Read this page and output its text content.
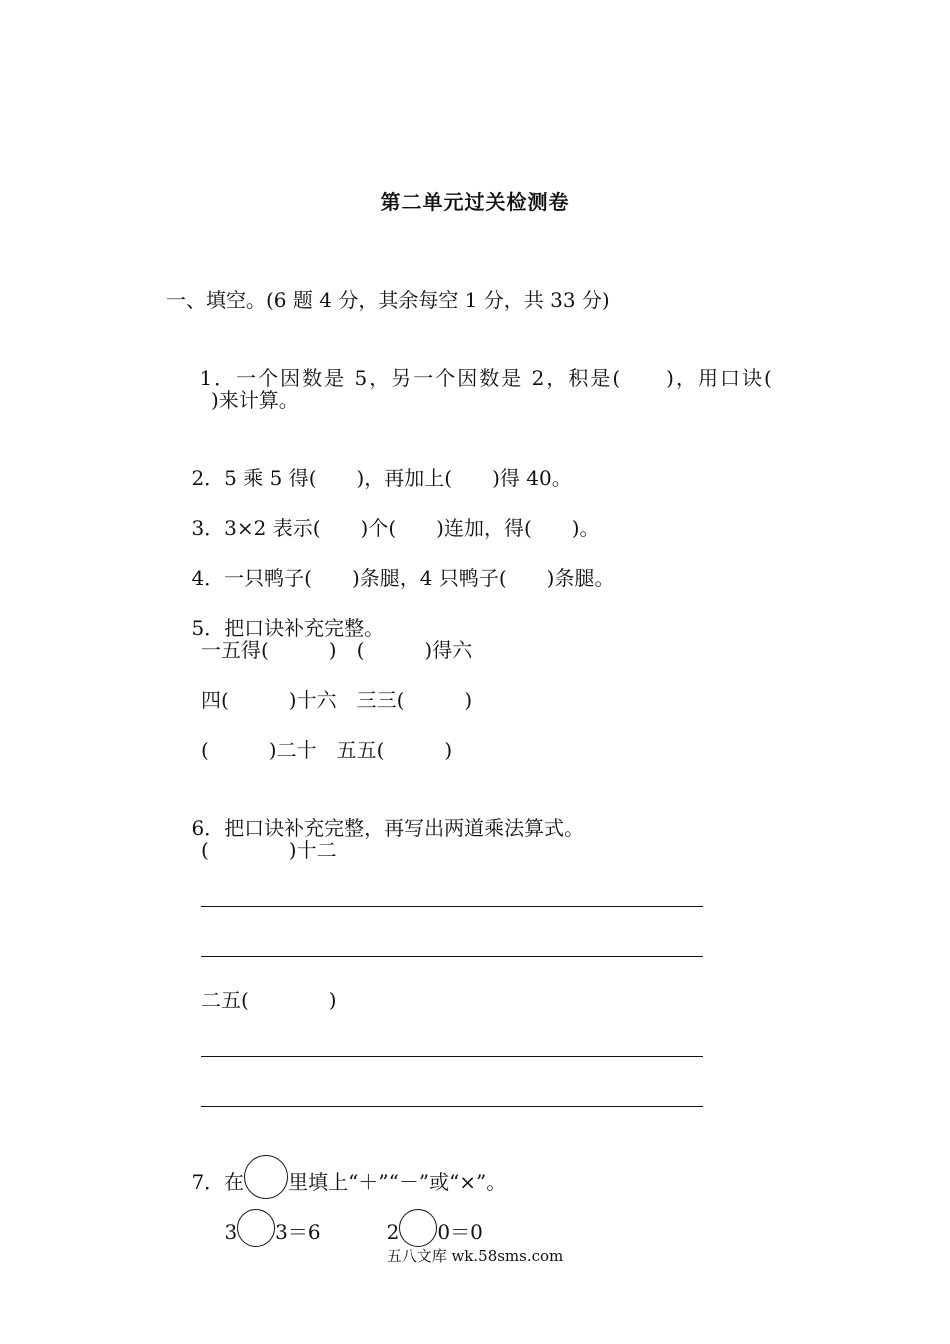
第二单元过关检测卷
一、填空。(6 题 4 分，其余每空 1 分，共 33 分)

1．一个因数是 5，另一个因数是 2，积是(　　)，用口诀(

)来计算。

2．5 乘 5 得(　　)，再加上(　　)得 40。

3．3×2 表示(　　)个(　　)连加，得(　　)。

4．一只鸭子(　　)条腿，4 只鸭子(　　)条腿。

5．把口诀补充完整。

一五得(　　　)　(　　　)得六
四(　　　)十六　三三(　　　)
(　　　)二十　五五(　　　)

6．把口诀补充完整，再写出两道乘法算式。

(　　　　)十二
二五(　　　　)

7．在 里填上“＋”“－”或“×”。

3 3＝6	2 0＝0

五八文库 wk.58sms.com
